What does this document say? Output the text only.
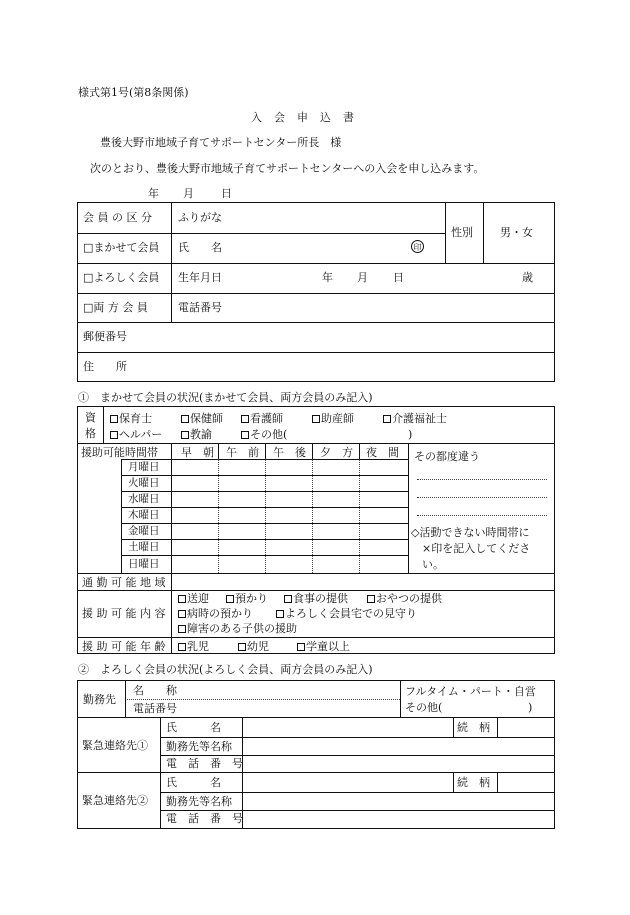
様式第1号(第8条関係)
入　会　申　込　書
豊後大野市地域子育てサポートセンター所長　様
次のとおり、豊後大野市地域子育てサポートセンターへの入会を申し込みます。
年 月 日
会 員 の 区 分 ふりがな
性別 男・女
□まかせて会員 氏　　名	印
□よろしく会員 生年月日	年 月 日	歳
□両 方 会 員	電話番号
郵便番号
住　　所
①　まかせて会員の状況(まかせて会員、両方会員のみ記入)
資
格
保育士	保健師	看護師	助産師	介護福祉士
ヘルパー	教諭	その他(	)
援助可能時間帯 早　朝 午　前 午　後 夕　方 夜　間 その都度違う
月曜日
火曜日
水曜日
木曜日
金曜日
土曜日
日曜日
◇活動できない時間帯に
　×印を記入してくださ
　い。
通 勤 可 能 地 域
援 助 可 能 内 容
送迎	預かり	食事の提供	おやつの提供
病時の預かり	よろしく会員宅での見守り
障害のある子供の援助
援 助 可 能 年 齢	乳児	幼児	学童以上
②　よろしく会員の状況(よろしく会員、両方会員のみ記入)
勤務先
名　　称
電話番号
フルタイム・パート・自営
その他(	)
緊急連絡先①
氏　　　名	続　柄
勤務先等名称
電　話　番　号
緊急連絡先②
氏　　　名	続　柄
勤務先等名称
電　話　番　号
